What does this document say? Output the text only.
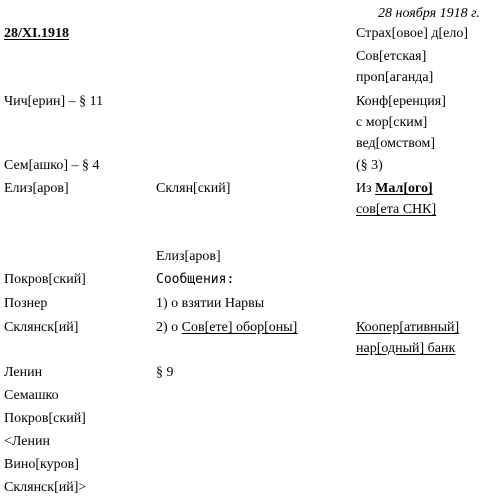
28 ноября 1918 г.
28/XI.1918	Страх[овое] д[ело]
Сов[етская]
проп[аганда]
Конф[еренция]
с мор[ским]
вед[омством]
(§ 3)
Из Мал[ого]
сов[ета СНК]
Коопер[ативный]
нар[одный] банк
Чич[ерин] – § 11
Сем[ашко] – § 4
Елиз[аров]
Покров[ский]
Познер
Склянск[ий]
Ленин
Семашко
Покров[ский]
<Ленин
Вино[куров]
Склянск[ий]>
Склян[ский]
Елиз[аров]
Сообщения:
1) о взятии Нарвы
2) о Сов[ете] обор[оны]
§ 9
